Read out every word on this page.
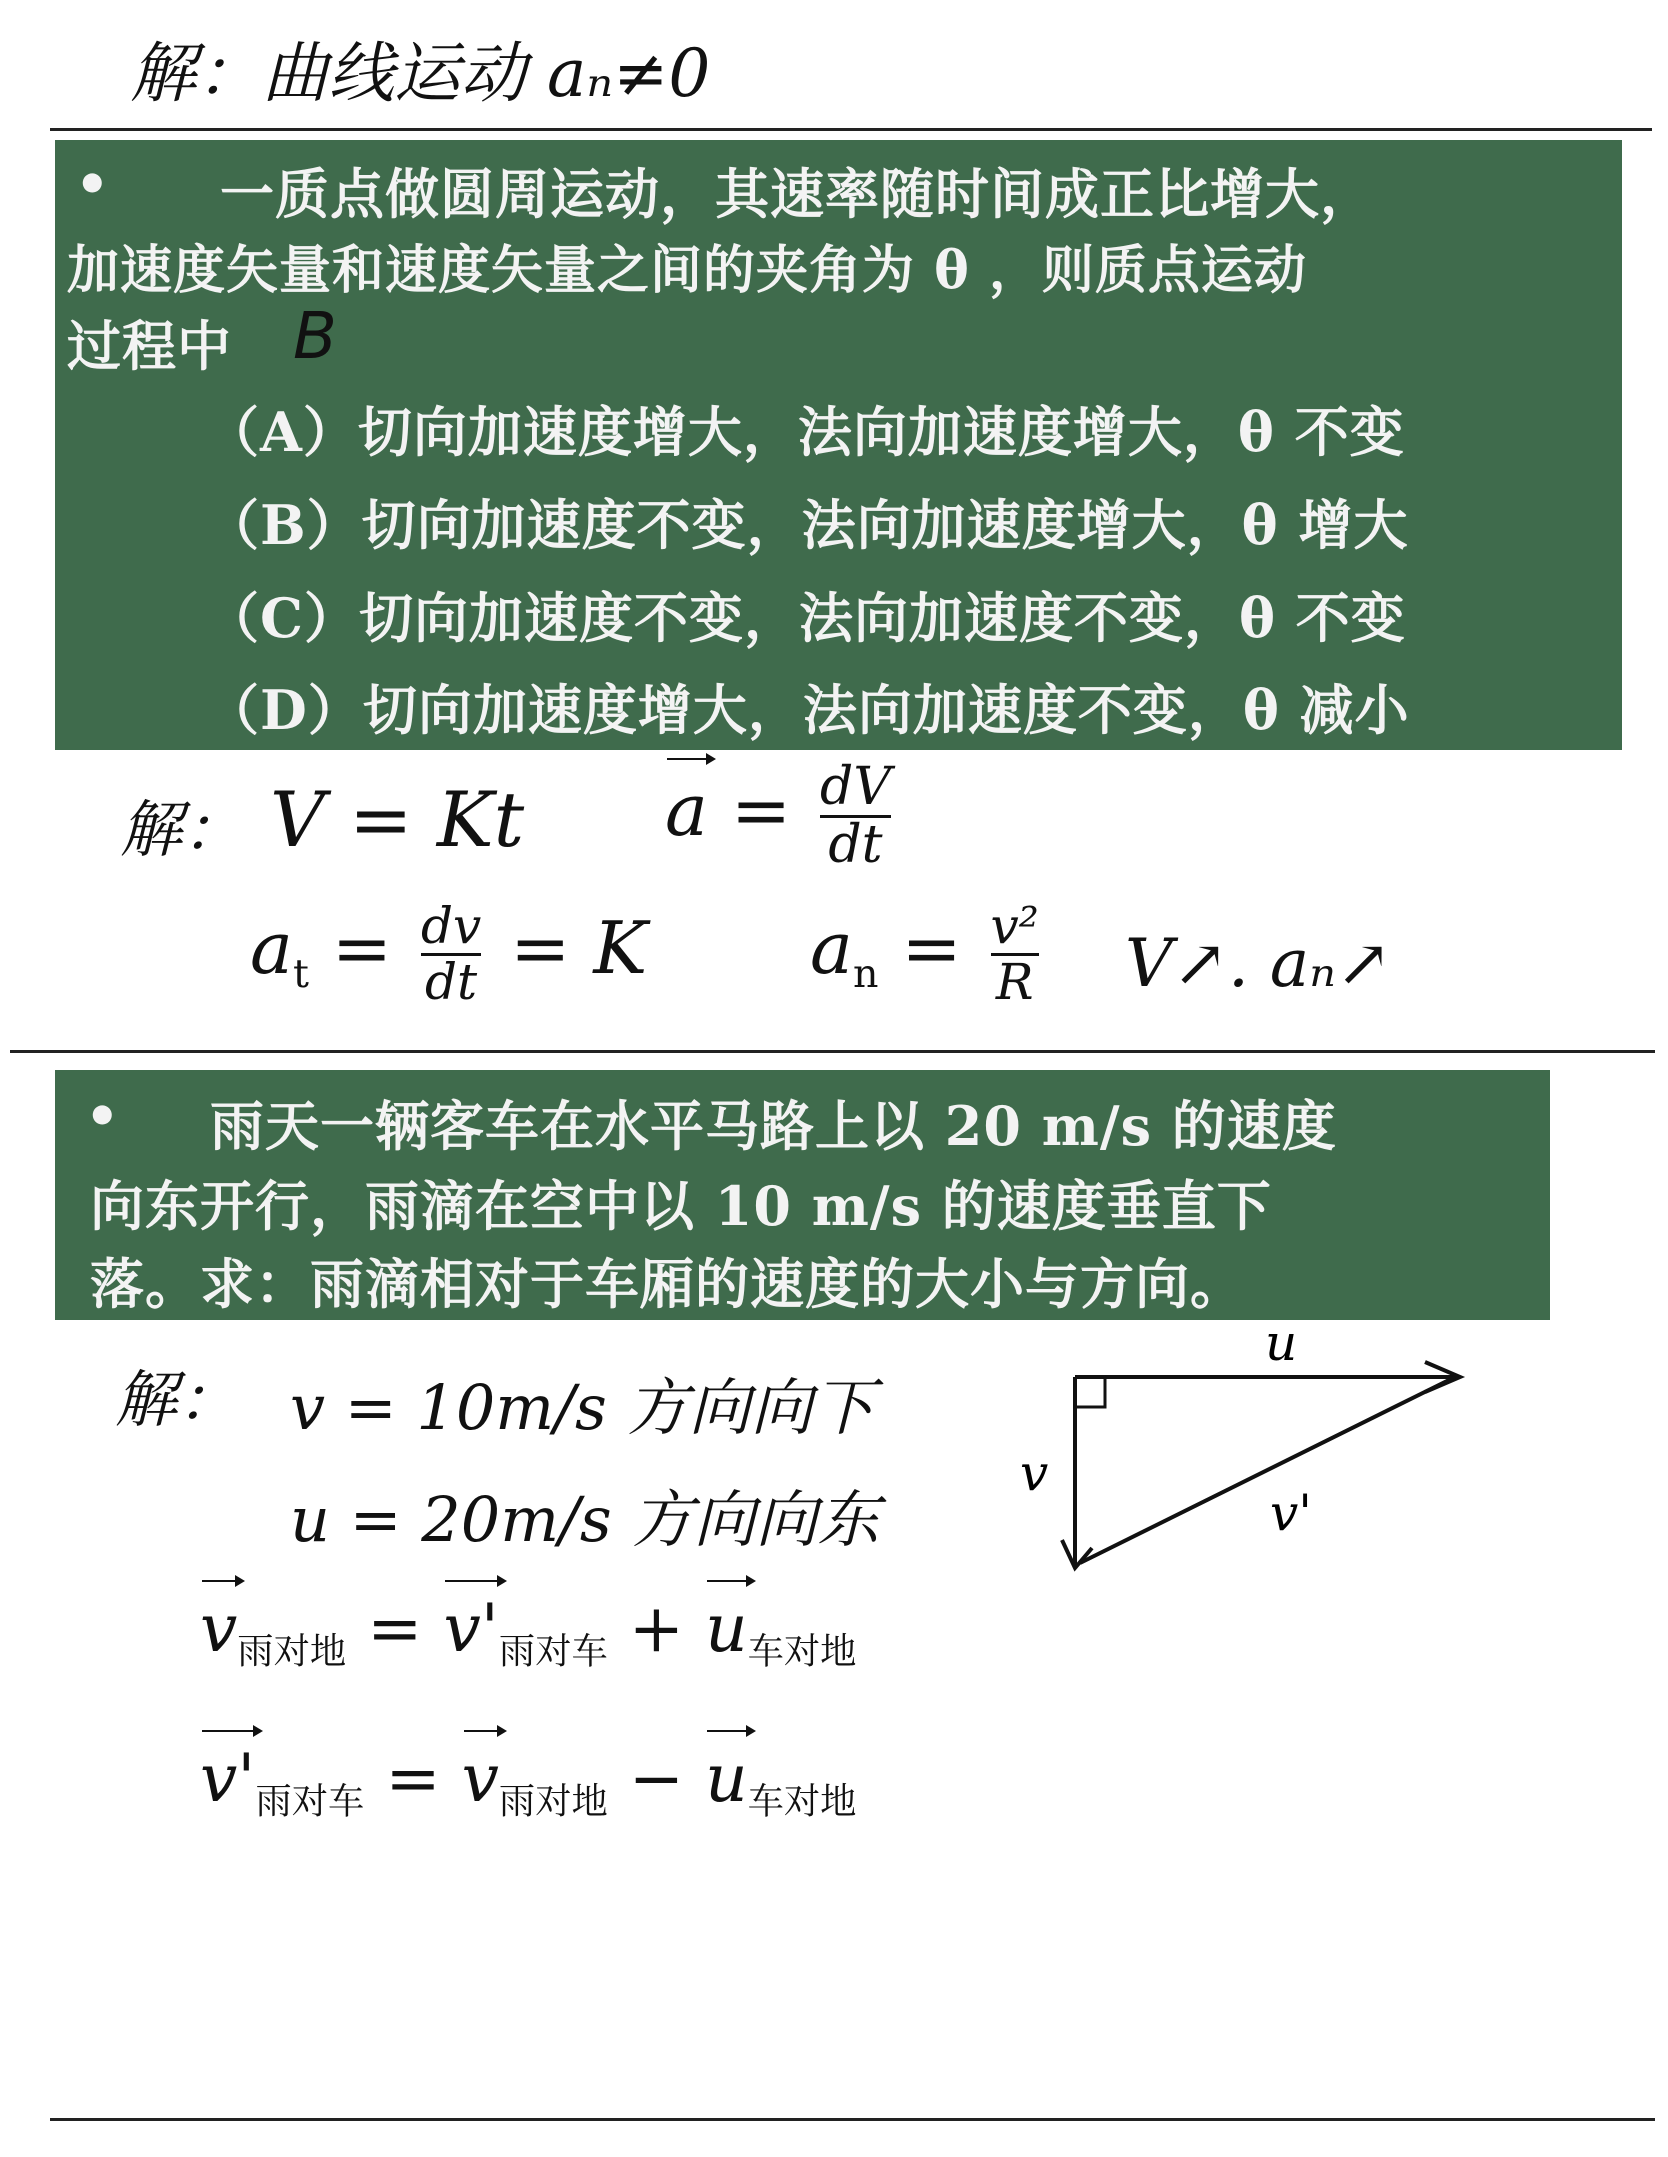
解：曲线运动 aₙ≠0
• 一质点做圆周运动，其速率随时间成正比增大，
加速度矢量和速度矢量之间的夹角为 θ ，则质点运动
过程中 B
（A）切向加速度增大，法向加速度增大，θ 不变
（B）切向加速度不变，法向加速度增大，θ 增大
（C）切向加速度不变，法向加速度不变，θ 不变
（D）切向加速度增大，法向加速度不变，θ 减小
解： V = Kt $a = \frac{dV}{dt}$
$a_t = \frac{dv}{dt} = K$ $a_n = \frac{\text{v²}}{R}$ V↗. aₙ↗
• 雨天一辆客车在水平马路上以 20 m/s 的速度
向东开行，雨滴在空中以 10 m/s 的速度垂直下
落。求：雨滴相对于车厢的速度的大小与方向。
解： v = 10m/s 方向向下
u = 20m/s 方向向东
$v_{雨对地} = v'_{雨对车} + u_{车对地}$
$v'_{雨对车} = v_{雨对地} - u_{车对地}$
u
v
v'
